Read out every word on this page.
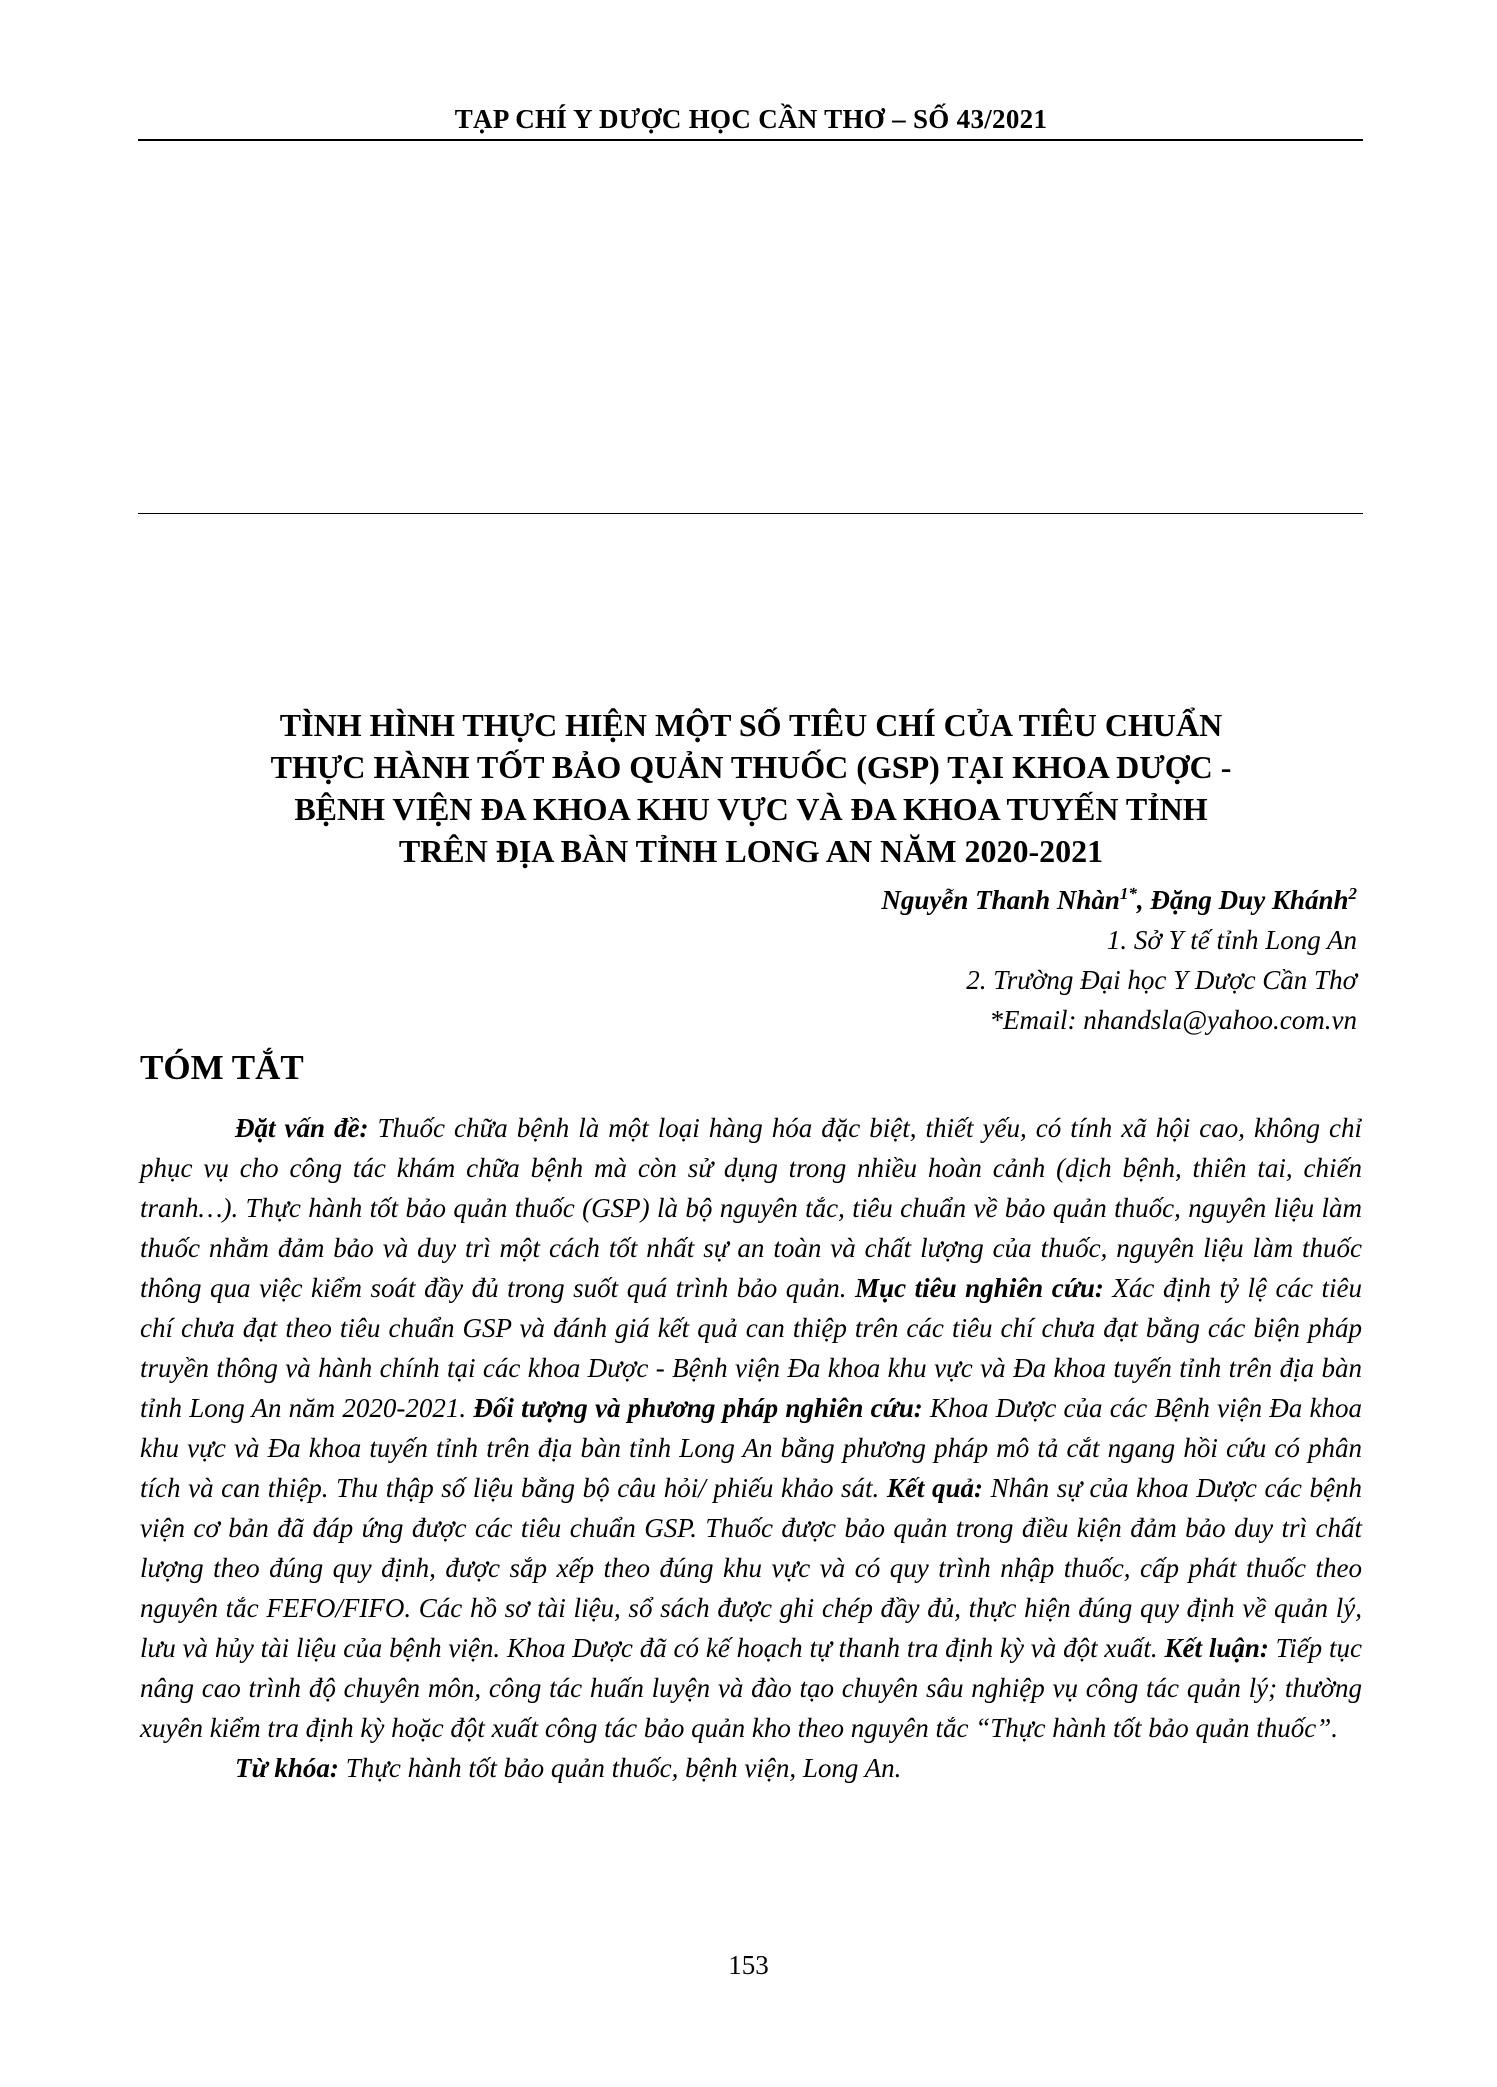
TẠP CHÍ Y DƯỢC HỌC CẦN THƠ – SỐ 43/2021
TÌNH HÌNH THỰC HIỆN MỘT SỐ TIÊU CHÍ CỦA TIÊU CHUẨN
THỰC HÀNH TỐT BẢO QUẢN THUỐC (GSP) TẠI KHOA DƯỢC -
BỆNH VIỆN ĐA KHOA KHU VỰC VÀ ĐA KHOA TUYẾN TỈNH
TRÊN ĐỊA BÀN TỈNH LONG AN NĂM 2020-2021
Nguyễn Thanh Nhàn$^{1*}$, Đặng Duy Khánh$^2$
1. Sở Y tế tỉnh Long An
2. Trường Đại học Y Dược Cần Thơ
*Email: nhandsla@yahoo.com.vn
TÓM TẮT

Đặt vấn đề: Thuốc chữa bệnh là một loại hàng hóa đặc biệt, thiết yếu, có tính xã hội cao, không chỉ phục vụ cho công tác khám chữa bệnh mà còn sử dụng trong nhiều hoàn cảnh (dịch bệnh, thiên tai, chiến tranh…). Thực hành tốt bảo quản thuốc (GSP) là bộ nguyên tắc, tiêu chuẩn về bảo quản thuốc, nguyên liệu làm thuốc nhằm đảm bảo và duy trì một cách tốt nhất sự an toàn và chất lượng của thuốc, nguyên liệu làm thuốc thông qua việc kiểm soát đầy đủ trong suốt quá trình bảo quản. Mục tiêu nghiên cứu: Xác định tỷ lệ các tiêu chí chưa đạt theo tiêu chuẩn GSP và đánh giá kết quả can thiệp trên các tiêu chí chưa đạt bằng các biện pháp truyền thông và hành chính tại các khoa Dược - Bệnh viện Đa khoa khu vực và Đa khoa tuyến tỉnh trên địa bàn tỉnh Long An năm 2020-2021. Đối tượng và phương pháp nghiên cứu: Khoa Dược của các Bệnh viện Đa khoa khu vực và Đa khoa tuyến tỉnh trên địa bàn tỉnh Long An bằng phương pháp mô tả cắt ngang hồi cứu có phân tích và can thiệp. Thu thập số liệu bằng bộ câu hỏi/ phiếu khảo sát. Kết quả: Nhân sự của khoa Dược các bệnh viện cơ bản đã đáp ứng được các tiêu chuẩn GSP. Thuốc được bảo quản trong điều kiện đảm bảo duy trì chất lượng theo đúng quy định, được sắp xếp theo đúng khu vực và có quy trình nhập thuốc, cấp phát thuốc theo nguyên tắc FEFO/FIFO. Các hồ sơ tài liệu, sổ sách được ghi chép đầy đủ, thực hiện đúng quy định về quản lý, lưu và hủy tài liệu của bệnh viện. Khoa Dược đã có kế hoạch tự thanh tra định kỳ và đột xuất. Kết luận: Tiếp tục nâng cao trình độ chuyên môn, công tác huấn luyện và đào tạo chuyên sâu nghiệp vụ công tác quản lý; thường xuyên kiểm tra định kỳ hoặc đột xuất công tác bảo quản kho theo nguyên tắc “Thực hành tốt bảo quản thuốc”.

Từ khóa: Thực hành tốt bảo quản thuốc, bệnh viện, Long An.

153
